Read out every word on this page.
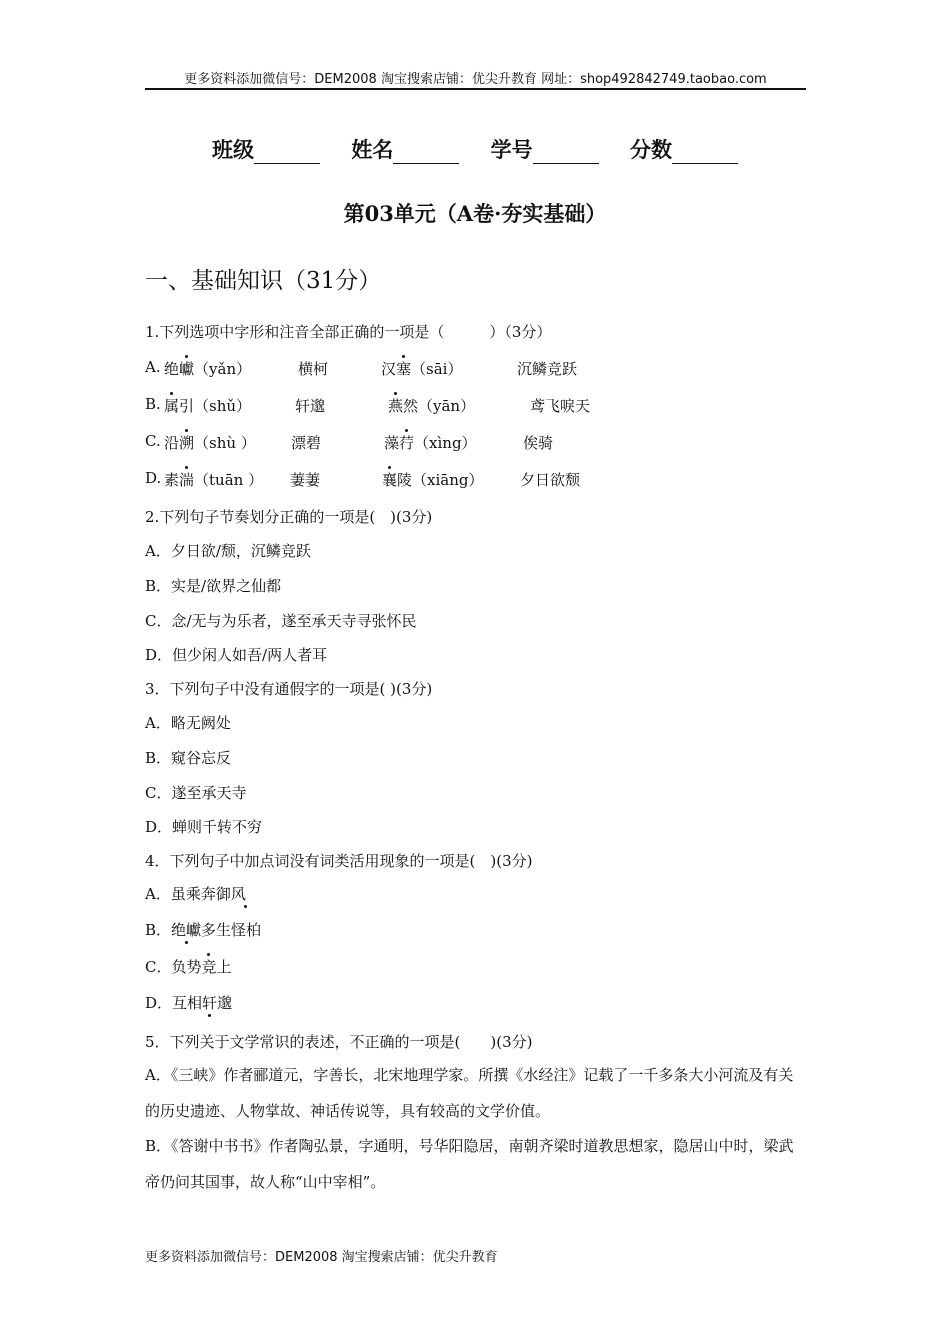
更多资料添加微信号：DEM2008 淘宝搜索店铺：优尖升教育 网址：shop492842749.taobao.com
班级	姓名	学号	分数
第03单元（A卷·夯实基础）
一、基础知识（31分）
1.下列选项中字形和注音全部正确的一项是（　　　）（3分）
A. 绝巘（yǎn）	横柯	汉塞（sāi）	沉鳞竞跃
B. 属引（shǔ）	轩邈	燕然（yān）	鸢飞唳天
C. 沿溯（shù ） 漂碧	藻荇（xìng）	俟骑
D. 素湍（tuān ） 萋萋	襄陵（xiāng） 夕日欲颓
2.下列句子节奏划分正确的一项是(　)(3分)
A．夕日欲/颓，沉鳞竞跃
B．实是/欲界之仙都
C．念/无与为乐者，遂至承天寺寻张怀民
D．但少闲人如吾/两人者耳
3．下列句子中没有通假字的一项是( )(3分)
A．略无阙处
B．窥谷忘反
C．遂至承天寺
D．蝉则千转不穷
4．下列句子中加点词没有词类活用现象的一项是(　)(3分)
A．虽乘奔御风
B．绝巘多生怪柏
C．负势竞上
D．互相轩邈
5．下列关于文学常识的表述，不正确的一项是(　　)(3分)
A．《三峡》作者郦道元，字善长，北宋地理学家。所撰《水经注》记载了一千多条大小河流及有关的历史遗迹、人物掌故、神话传说等，具有较高的文学价值。
B．《答谢中书书》作者陶弘景，字通明，号华阳隐居，南朝齐梁时道教思想家，隐居山中时，梁武帝仍问其国事，故人称“山中宰相”。
更多资料添加微信号：DEM2008 淘宝搜索店铺：优尖升教育
